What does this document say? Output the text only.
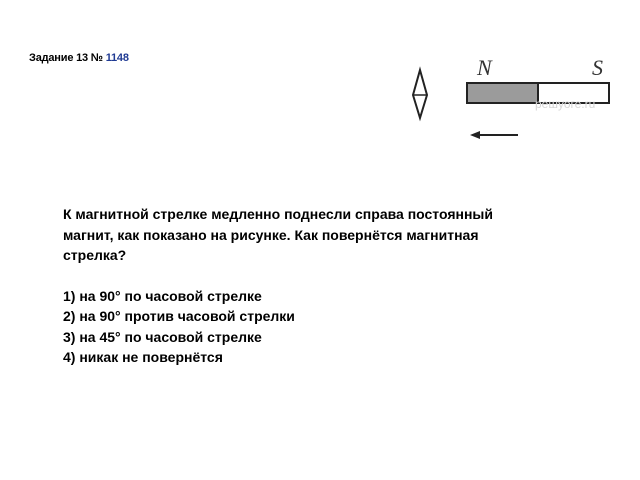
Задание 13 № 1148	N	S
решуоге.ru

К магнитной стрелке медленно поднесли справа постоянный магнит, как показано на рисунке. Как повернётся магнитная стрелка?

1) на 90° по часовой стрелке
2) на 90° против часовой стрелки
3) на 45° по часовой стрелке
4) никак не повернётся
